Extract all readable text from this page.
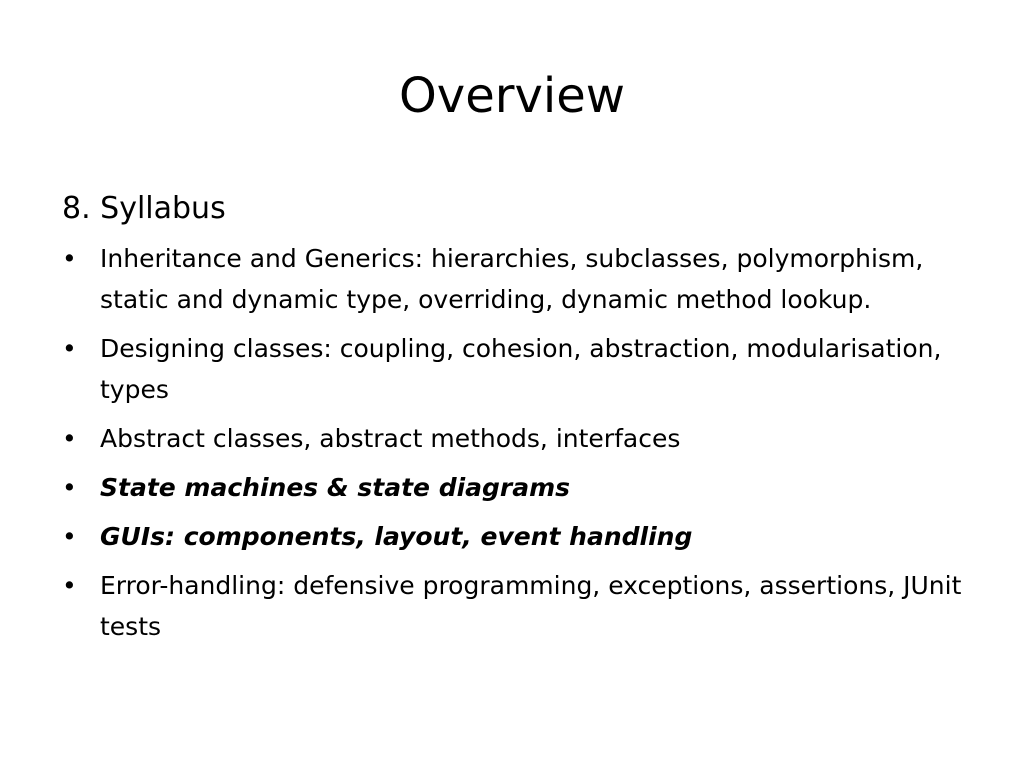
Overview
8. Syllabus
• Inheritance and Generics: hierarchies, subclasses, polymorphism, static and dynamic type, overriding, dynamic method lookup.
• Designing classes: coupling, cohesion, abstraction, modularisation, types
• Abstract classes, abstract methods, interfaces
• State machines & state diagrams
• GUIs: components, layout, event handling
• Error-handling: defensive programming, exceptions, assertions, JUnit tests
